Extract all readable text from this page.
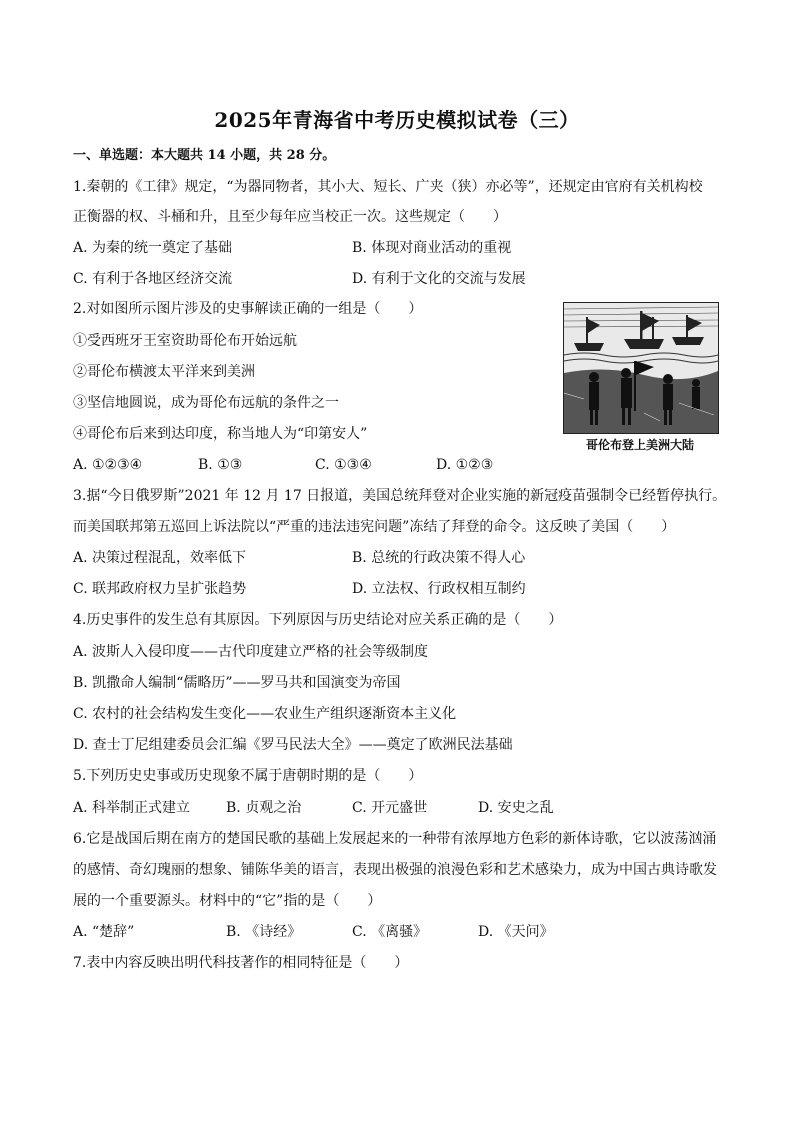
2025年青海省中考历史模拟试卷（三）
一、单选题：本大题共 14 小题，共 28 分。
1.秦朝的《工律》规定，“为器同物者，其小大、短长、广夹（狭）亦必等”，还规定由官府有关机构校
正衡器的权、斗桶和升，且至少每年应当校正一次。这些规定（　　）
A. 为秦的统一奠定了基础	B. 体现对商业活动的重视
C. 有利于各地区经济交流	D. 有利于文化的交流与发展
2.对如图所示图片涉及的史事解读正确的一组是（　　）
①受西班牙王室资助哥伦布开始远航
②哥伦布横渡太平洋来到美洲
③坚信地圆说，成为哥伦布远航的条件之一
④哥伦布后来到达印度，称当地人为“印第安人”
哥伦布登上美洲大陆
A. ①②③④	B. ①③	C. ①③④	D. ①②③
3.据“今日俄罗斯”2021 年 12 月 17 日报道，美国总统拜登对企业实施的新冠疫苗强制令已经暂停执行。
而美国联邦第五巡回上诉法院以“严重的违法违宪问题”冻结了拜登的命令。这反映了美国（　　）
A. 决策过程混乱，效率低下	B. 总统的行政决策不得人心
C. 联邦政府权力呈扩张趋势	D. 立法权、行政权相互制约
4.历史事件的发生总有其原因。下列原因与历史结论对应关系正确的是（　　）
A. 波斯人入侵印度——古代印度建立严格的社会等级制度
B. 凯撒命人编制“儒略历”——罗马共和国演变为帝国
C. 农村的社会结构发生变化——农业生产组织逐渐资本主义化
D. 查士丁尼组建委员会汇编《罗马民法大全》——奠定了欧洲民法基础
5.下列历史史事或历史现象不属于唐朝时期的是（　　）
A. 科举制正式建立	B. 贞观之治	C. 开元盛世	D. 安史之乱
6.它是战国后期在南方的楚国民歌的基础上发展起来的一种带有浓厚地方色彩的新体诗歌，它以波荡汹涌
的感情、奇幻瑰丽的想象、铺陈华美的语言，表现出极强的浪漫色彩和艺术感染力，成为中国古典诗歌发
展的一个重要源头。材料中的“它”指的是（　　）
A. “楚辞”	B. 《诗经》	C. 《离骚》	D. 《天问》
7.表中内容反映出明代科技著作的相同特征是（　　）
